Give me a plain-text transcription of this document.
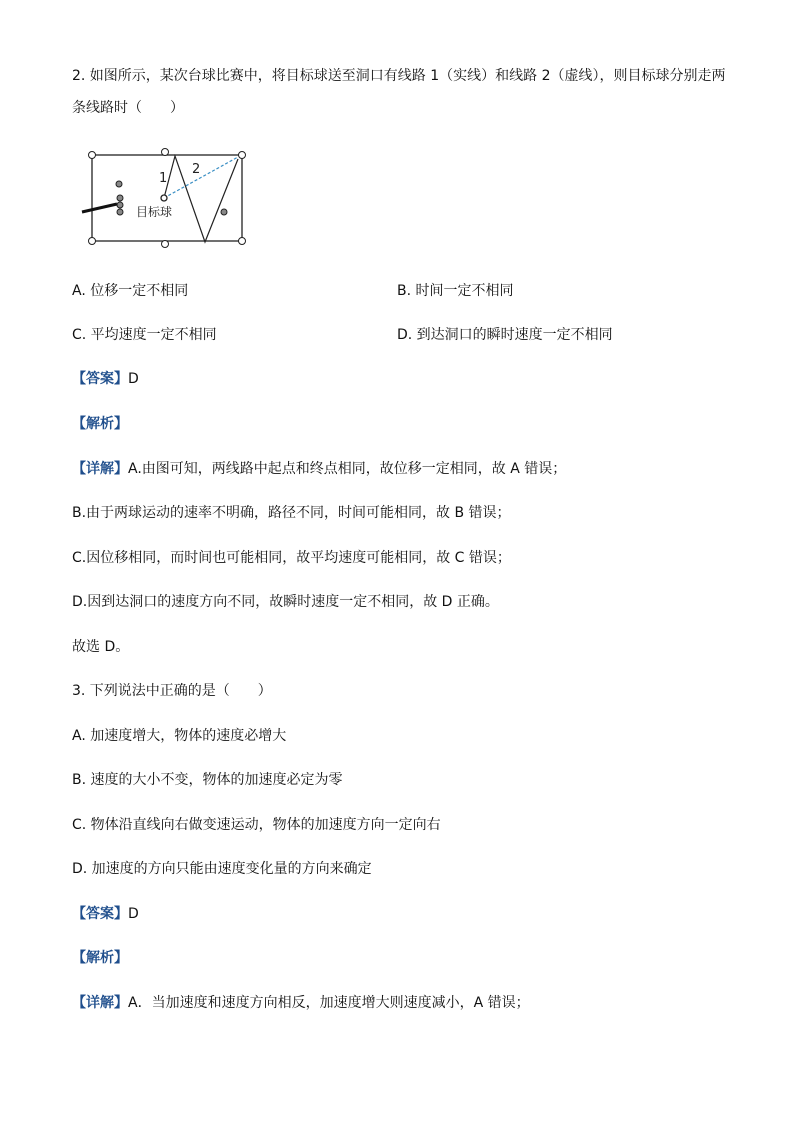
2. 如图所示，某次台球比赛中，将目标球送至洞口有线路 1（实线）和线路 2（虚线），则目标球分别走两
条线路时（　　）
1
2
目标球
A. 位移一定不相同	B. 时间一定不相同
C. 平均速度一定不相同	D. 到达洞口的瞬时速度一定不相同
【答案】D
【解析】
【详解】A.由图可知，两线路中起点和终点相同，故位移一定相同，故 A 错误；
B.由于两球运动的速率不明确，路径不同，时间可能相同，故 B 错误；
C.因位移相同，而时间也可能相同，故平均速度可能相同，故 C 错误；
D.因到达洞口的速度方向不同，故瞬时速度一定不相同，故 D 正确。
故选 D。
3. 下列说法中正确的是（　　）
A. 加速度增大，物体的速度必增大
B. 速度的大小不变，物体的加速度必定为零
C. 物体沿直线向右做变速运动，物体的加速度方向一定向右
D. 加速度的方向只能由速度变化量的方向来确定
【答案】D
【解析】
【详解】A．当加速度和速度方向相反，加速度增大则速度减小，A 错误；
